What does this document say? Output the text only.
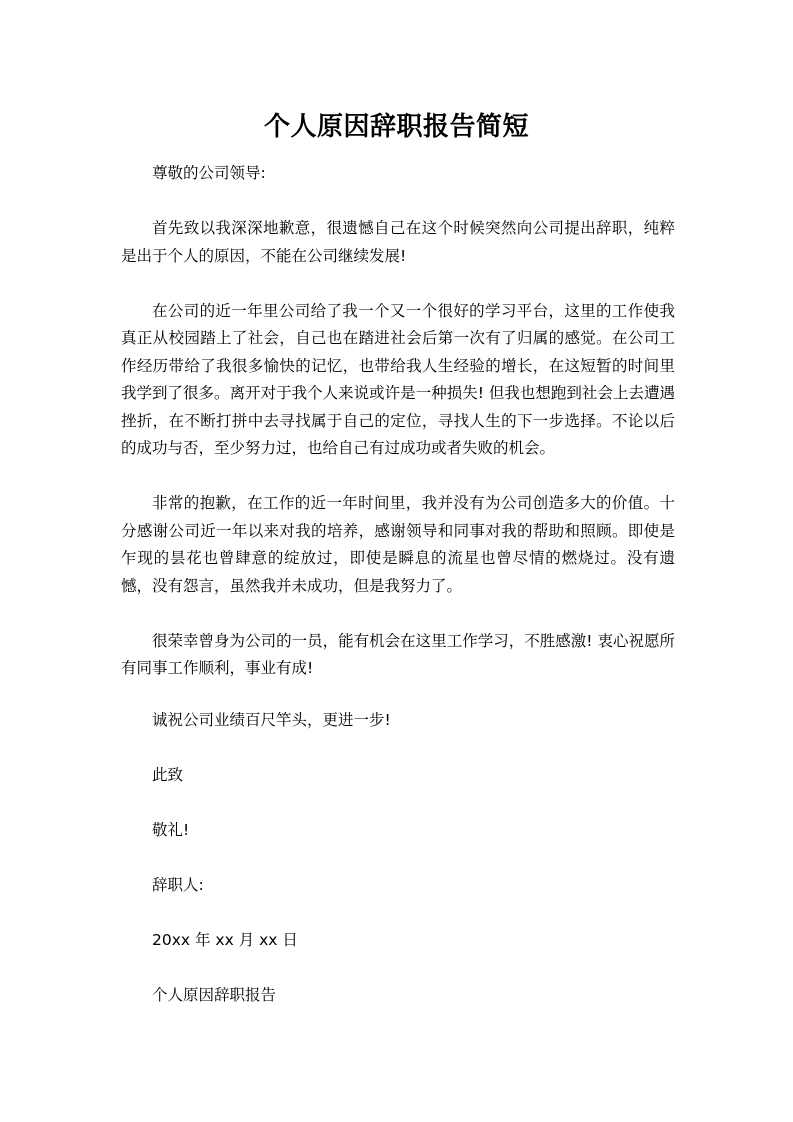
个人原因辞职报告简短

尊敬的公司领导:

首先致以我深深地歉意，很遗憾自己在这个时候突然向公司提出辞职，纯粹是出于个人的原因，不能在公司继续发展!

在公司的近一年里公司给了我一个又一个很好的学习平台，这里的工作使我真正从校园踏上了社会，自己也在踏进社会后第一次有了归属的感觉。在公司工作经历带给了我很多愉快的记忆，也带给我人生经验的增长，在这短暂的时间里我学到了很多。离开对于我个人来说或许是一种损失! 但我也想跑到社会上去遭遇挫折，在不断打拼中去寻找属于自己的定位，寻找人生的下一步选择。不论以后的成功与否，至少努力过，也给自己有过成功或者失败的机会。

非常的抱歉，在工作的近一年时间里，我并没有为公司创造多大的价值。十分感谢公司近一年以来对我的培养，感谢领导和同事对我的帮助和照顾。即使是乍现的昙花也曾肆意的绽放过，即使是瞬息的流星也曾尽情的燃烧过。没有遗憾，没有怨言，虽然我并未成功，但是我努力了。

很荣幸曾身为公司的一员，能有机会在这里工作学习，不胜感激! 衷心祝愿所有同事工作顺利，事业有成!

诚祝公司业绩百尺竿头，更进一步!
此致
敬礼!
辞职人:
20xx 年 xx 月 xx 日
个人原因辞职报告
